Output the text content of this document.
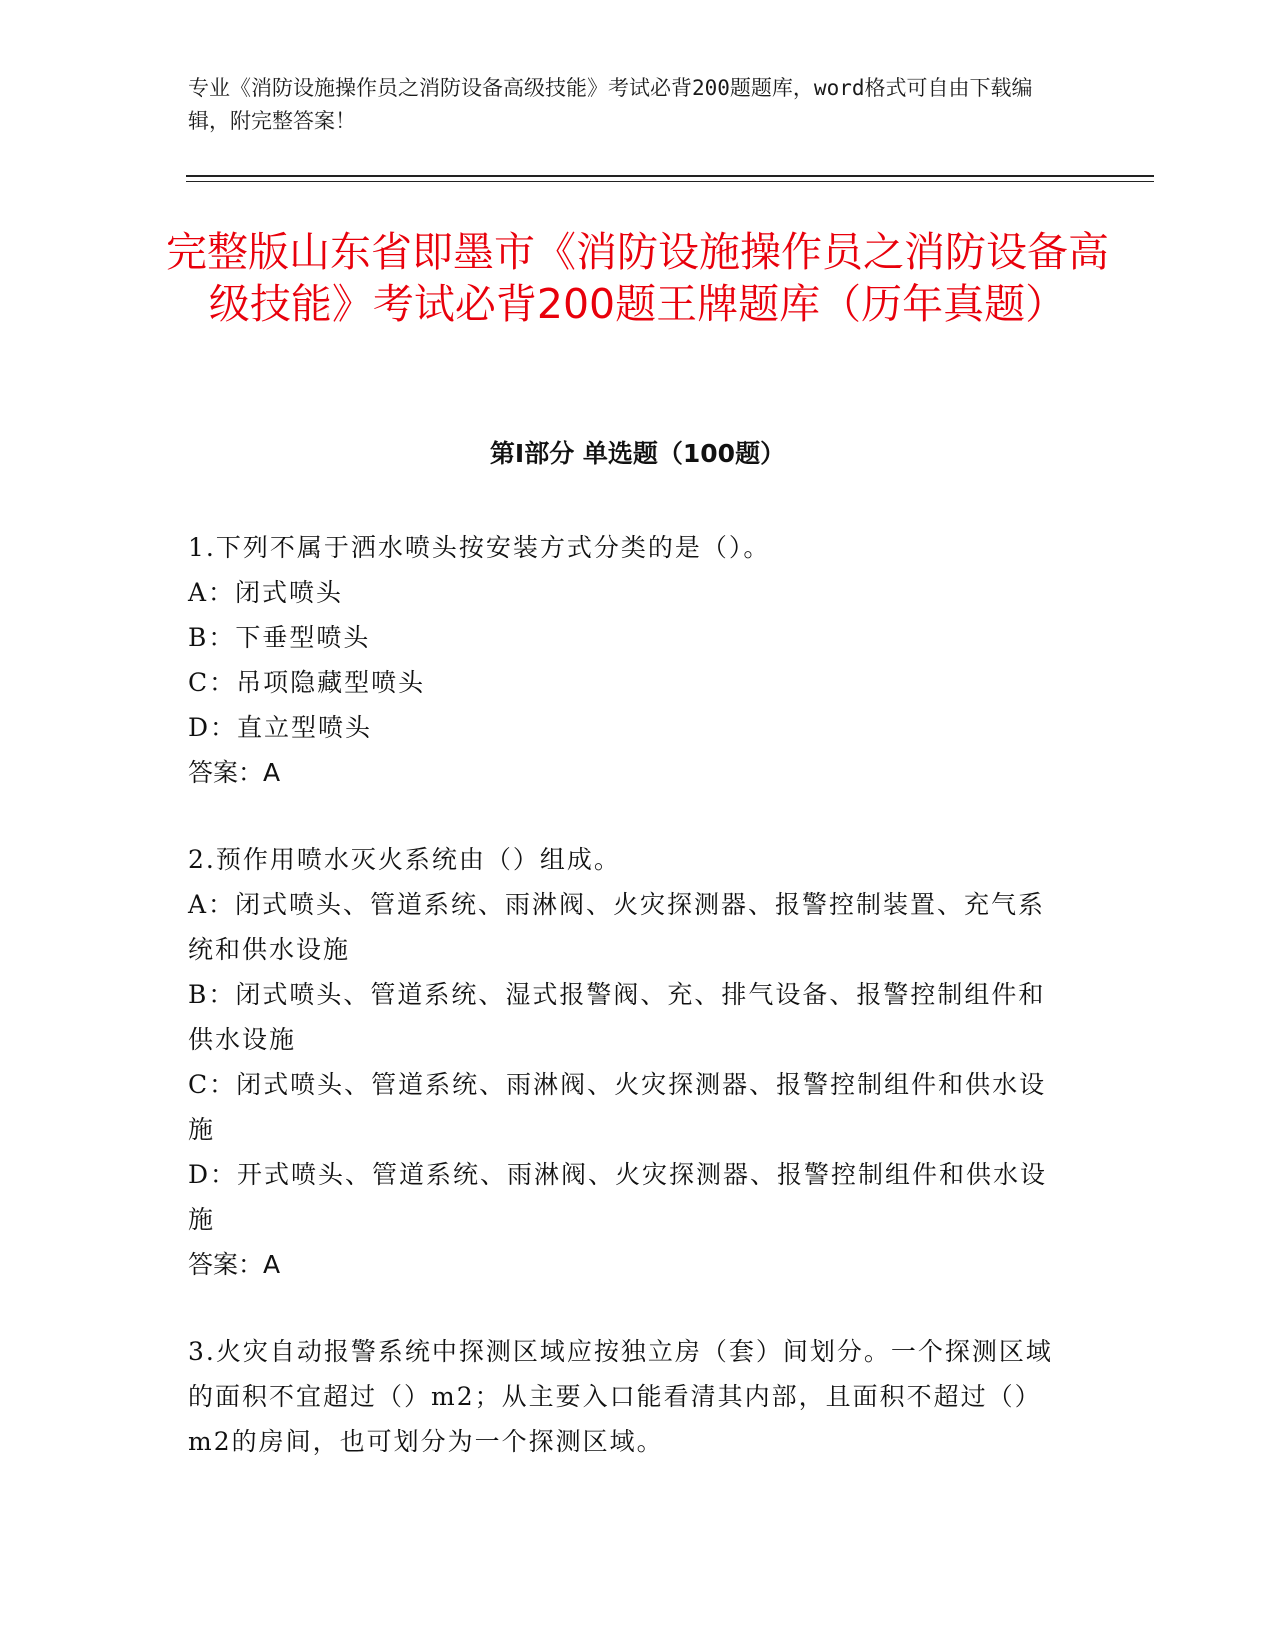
专业《消防设施操作员之消防设备高级技能》考试必背200题题库，word格式可自由下载编辑，附完整答案！
完整版山东省即墨市《消防设施操作员之消防设备高级技能》考试必背200题王牌题库（历年真题）
第Ⅰ部分 单选题（100题）

1.下列不属于洒水喷头按安装方式分类的是（）。

A：闭式喷头

B：下垂型喷头

C：吊项隐藏型喷头

D：直立型喷头

答案：A

2.预作用喷水灭火系统由（）组成。

A：闭式喷头、管道系统、雨淋阀、火灾探测器、报警控制装置、充气系统和供水设施

B：闭式喷头、管道系统、湿式报警阀、充、排气设备、报警控制组件和供水设施

C：闭式喷头、管道系统、雨淋阀、火灾探测器、报警控制组件和供水设施

D：开式喷头、管道系统、雨淋阀、火灾探测器、报警控制组件和供水设施

答案：A

3.火灾自动报警系统中探测区域应按独立房（套）间划分。一个探测区域的面积不宜超过（）m2；从主要入口能看清其内部，且面积不超过（）m2的房间，也可划分为一个探测区域。
